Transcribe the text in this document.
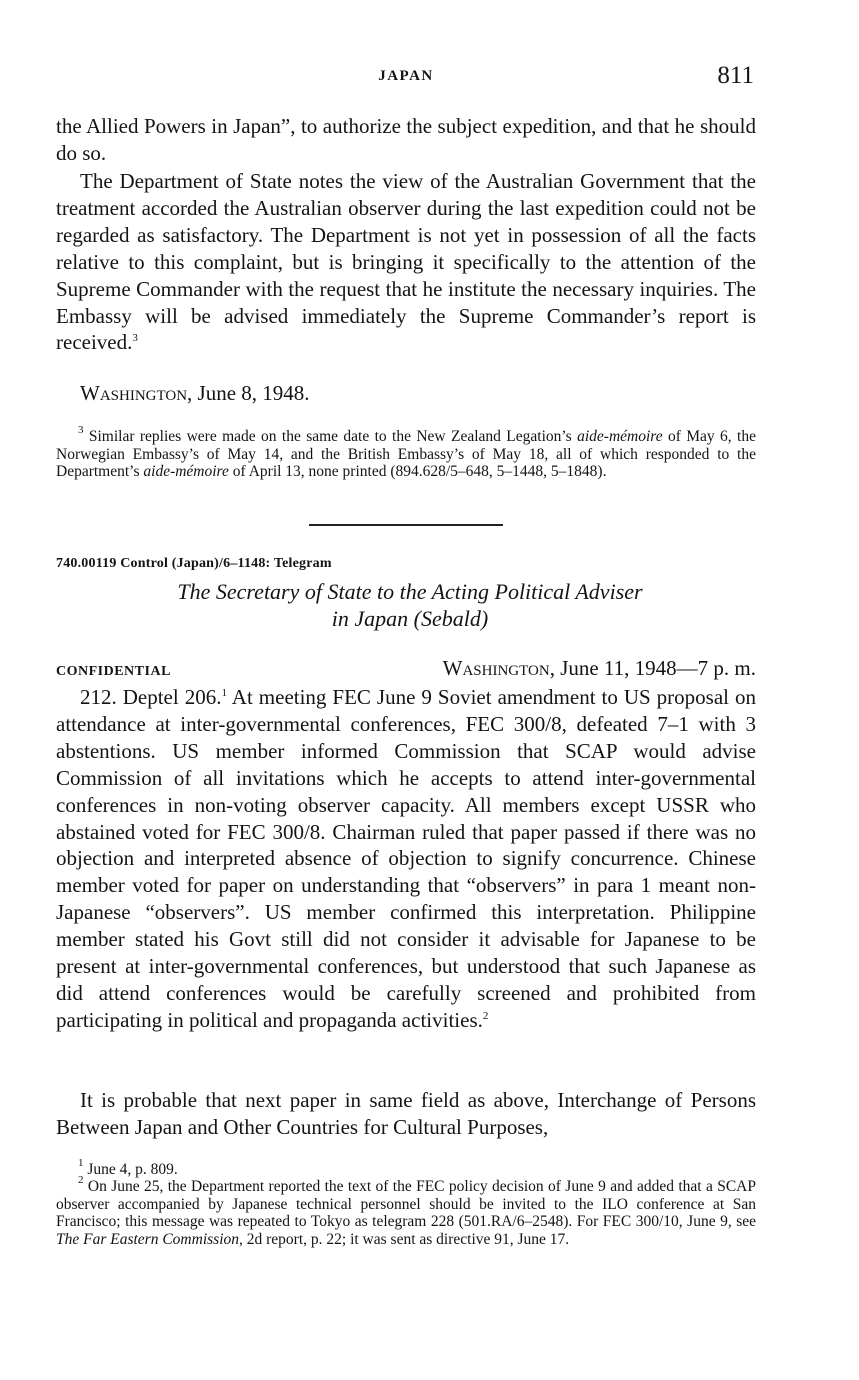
JAPAN	811

the Allied Powers in Japan”, to authorize the subject expedition, and that he should do so.

The Department of State notes the view of the Australian Government that the treatment accorded the Australian observer during the last expedition could not be regarded as satisfactory. The Department is not yet in possession of all the facts relative to this complaint, but is bringing it specifically to the attention of the Supreme Commander with the request that he institute the necessary inquiries. The Embassy will be advised immediately the Supreme Commander’s report is received.$^3$

Washington, June 8, 1948.

$^3$ Similar replies were made on the same date to the New Zealand Legation’s aide-mémoire of May 6, the Norwegian Embassy’s of May 14, and the British Embassy’s of May 18, all of which responded to the Department’s aide-mémoire of April 13, none printed (894.628/5–648, 5–1448, 5–1848).

740.00119 Control (Japan)/6–1148: Telegram
The Secretary of State to the Acting Political Adviser
in Japan (Sebald)
CONFIDENTIAL	Washington, June 11, 1948—7 p. m.

212. Deptel 206.$^1$ At meeting FEC June 9 Soviet amendment to US proposal on attendance at inter-governmental conferences, FEC 300/8, defeated 7–1 with 3 abstentions. US member informed Commission that SCAP would advise Commission of all invitations which he accepts to attend inter-governmental conferences in non-voting observer capacity. All members except USSR who abstained voted for FEC 300/8. Chairman ruled that paper passed if there was no objection and interpreted absence of objection to signify concurrence. Chinese member voted for paper on understanding that “observers” in para 1 meant non-Japanese “observers”. US member confirmed this interpretation. Philippine member stated his Govt still did not consider it advisable for Japanese to be present at inter-governmental conferences, but understood that such Japanese as did attend conferences would be carefully screened and prohibited from participating in political and propaganda activities.$^2$

It is probable that next paper in same field as above, Interchange of Persons Between Japan and Other Countries for Cultural Purposes,

$^1$ June 4, p. 809.

$^2$ On June 25, the Department reported the text of the FEC policy decision of June 9 and added that a SCAP observer accompanied by Japanese technical personnel should be invited to the ILO conference at San Francisco; this message was repeated to Tokyo as telegram 228 (501.RA/6–2548). For FEC 300/10, June 9, see The Far Eastern Commission, 2d report, p. 22; it was sent as directive 91, June 17.
